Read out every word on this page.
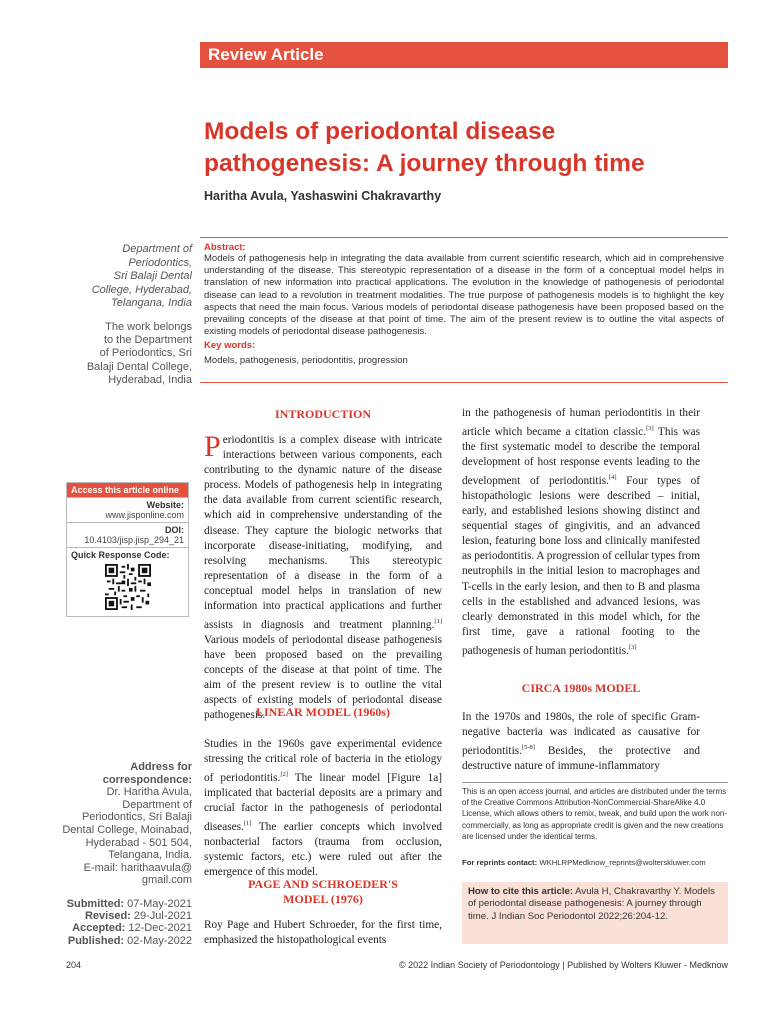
Review Article
Models of periodontal disease
pathogenesis: A journey through time
Haritha Avula, Yashaswini Chakravarthy
Department of
Periodontics,
Sri Balaji Dental
College, Hyderabad,
Telangana, India
The work belongs
to the Department
of Periodontics, Sri
Balaji Dental College,
Hyderabad, India
Abstract:
Models of pathogenesis help in integrating the data available from current scientific research, which aid in comprehensive understanding of the disease. This stereotypic representation of a disease in the form of a conceptual model helps in translation of new information into practical applications. The evolution in the knowledge of pathogenesis of periodontal disease can lead to a revolution in treatment modalities. The true purpose of pathogenesis models is to highlight the key aspects that need the main focus. Various models of periodontal disease pathogenesis have been proposed based on the prevailing concepts of the disease at that point of time. The aim of the present review is to outline the vital aspects of existing models of periodontal disease pathogenesis.
Key words:
Models, pathogenesis, periodontitis, progression
Access this article online
Website:
www.jisponline.com
DOI:
10.4103/jisp.jisp_294_21
Quick Response Code:
Address for
correspondence:
Dr. Haritha Avula,
Department of
Periodontics, Sri Balaji
Dental College, Moinabad,
Hyderabad - 501 504,
Telangana, India.
E-mail: harithaavula@
gmail.com
Submitted: 07-May-2021
Revised: 29-Jul-2021
Accepted: 12-Dec-2021
Published: 02-May-2022
INTRODUCTION
Periodontitis is a complex disease with intricate interactions between various components, each contributing to the dynamic nature of the disease process. Models of pathogenesis help in integrating the data available from current scientific research, which aid in comprehensive understanding of the disease. They capture the biologic networks that incorporate disease-initiating, modifying, and resolving mechanisms. This stereotypic representation of a disease in the form of a conceptual model helps in translation of new information into practical applications and further assists in diagnosis and treatment planning.[1] Various models of periodontal disease pathogenesis have been proposed based on the prevailing concepts of the disease at that point of time. The aim of the present review is to outline the vital aspects of existing models of periodontal disease pathogenesis.
LINEAR MODEL (1960s)
Studies in the 1960s gave experimental evidence stressing the critical role of bacteria in the etiology of periodontitis.[2] The linear model [Figure 1a] implicated that bacterial deposits are a primary and crucial factor in the pathogenesis of periodontal diseases.[1] The earlier concepts which involved nonbacterial factors (trauma from occlusion, systemic factors, etc.) were ruled out after the emergence of this model.
PAGE AND SCHROEDER'S
MODEL (1976)
Roy Page and Hubert Schroeder, for the first time, emphasized the histopathological events
in the pathogenesis of human periodontitis in their article which became a citation classic.[3] This was the first systematic model to describe the temporal development of host response events leading to the development of periodontitis.[4] Four types of histopathologic lesions were described – initial, early, and established lesions showing distinct and sequential stages of gingivitis, and an advanced lesion, featuring bone loss and clinically manifested as periodontitis. A progression of cellular types from neutrophils in the initial lesion to macrophages and T-cells in the early lesion, and then to B and plasma cells in the established and advanced lesions, was clearly demonstrated in this model which, for the first time, gave a rational footing to the pathogenesis of human periodontitis.[3]
CIRCA 1980s MODEL
In the 1970s and 1980s, the role of specific Gram-negative bacteria was indicated as causative for periodontitis.[5-8] Besides, the protective and destructive nature of immune-inflammatory
This is an open access journal, and articles are distributed under the terms of the Creative Commons Attribution-NonCommercial-ShareAlike 4.0 License, which allows others to remix, tweak, and build upon the work non-commercially, as long as appropriate credit is given and the new creations are licensed under the identical terms.
For reprints contact: WKHLRPMedknow_reprints@wolterskluwer.com
How to cite this article: Avula H, Chakravarthy Y. Models of periodontal disease pathogenesis: A journey through time. J Indian Soc Periodontol 2022;26:204-12.
204	© 2022 Indian Society of Periodontology | Published by Wolters Kluwer - Medknow
